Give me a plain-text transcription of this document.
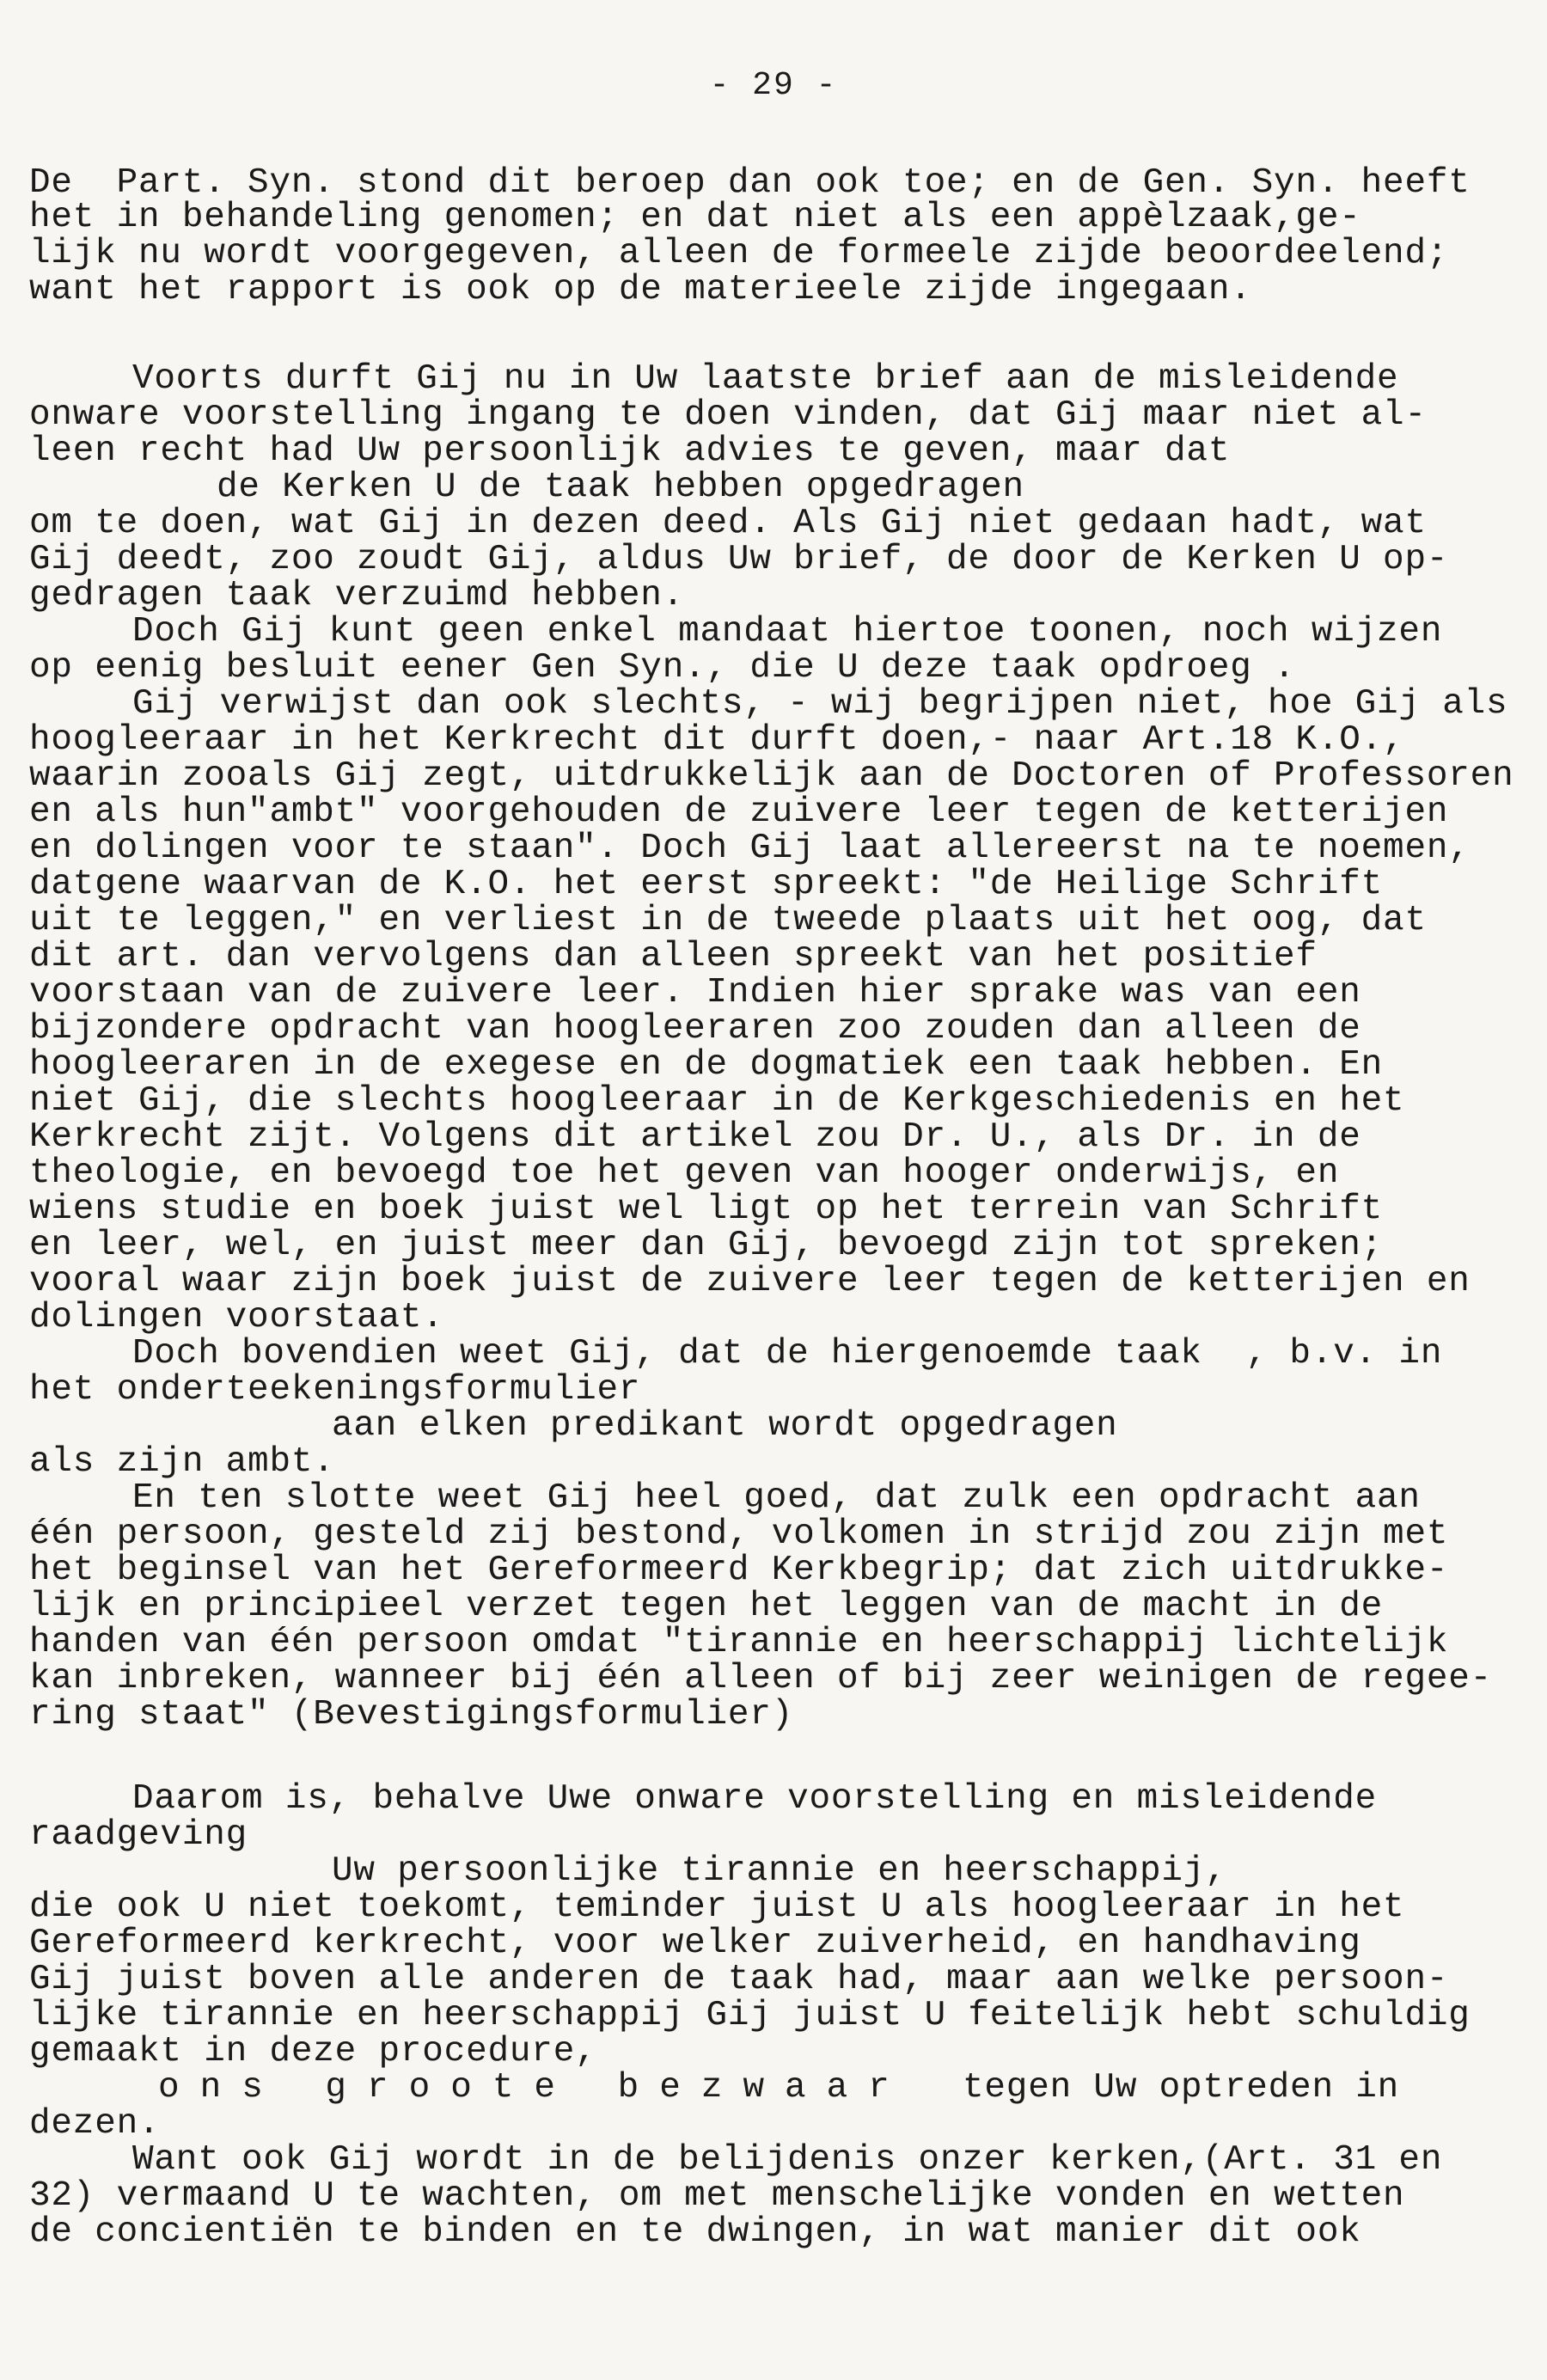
- 29 -
De  Part. Syn. stond dit beroep dan ook toe; en de Gen. Syn. heeft
het in behandeling genomen; en dat niet als een appèlzaak,ge-
lijk nu wordt voorgegeven, alleen de formeele zijde beoordeelend;
want het rapport is ook op de materieele zijde ingegaan.
Voorts durft Gij nu in Uw laatste brief aan de misleidende
onware voorstelling ingang te doen vinden, dat Gij maar niet al-
leen recht had Uw persoonlijk advies te geven, maar dat
de Kerken U de taak hebben opgedragen
om te doen, wat Gij in dezen deed. Als Gij niet gedaan hadt, wat
Gij deedt, zoo zoudt Gij, aldus Uw brief, de door de Kerken U op-
gedragen taak verzuimd hebben.
Doch Gij kunt geen enkel mandaat hiertoe toonen, noch wijzen
op eenig besluit eener Gen Syn., die U deze taak opdroeg .
Gij verwijst dan ook slechts, - wij begrijpen niet, hoe Gij als
hoogleeraar in het Kerkrecht dit durft doen,- naar Art.18 K.O.,
waarin zooals Gij zegt, uitdrukkelijk aan de Doctoren of Professoren
en als hun"ambt" voorgehouden de zuivere leer tegen de ketterijen
en dolingen voor te staan". Doch Gij laat allereerst na te noemen,
datgene waarvan de K.O. het eerst spreekt: "de Heilige Schrift
uit te leggen," en verliest in de tweede plaats uit het oog, dat
dit art. dan vervolgens dan alleen spreekt van het positief
voorstaan van de zuivere leer. Indien hier sprake was van een
bijzondere opdracht van hoogleeraren zoo zouden dan alleen de
hoogleeraren in de exegese en de dogmatiek een taak hebben. En
niet Gij, die slechts hoogleeraar in de Kerkgeschiedenis en het
Kerkrecht zijt. Volgens dit artikel zou Dr. U., als Dr. in de
theologie, en bevoegd toe het geven van hooger onderwijs, en
wiens studie en boek juist wel ligt op het terrein van Schrift
en leer, wel, en juist meer dan Gij, bevoegd zijn tot spreken;
vooral waar zijn boek juist de zuivere leer tegen de ketterijen en
dolingen voorstaat.
Doch bovendien weet Gij, dat de hiergenoemde taak  , b.v. in
het onderteekeningsformulier
aan elken predikant wordt opgedragen
als zijn ambt.
En ten slotte weet Gij heel goed, dat zulk een opdracht aan
één persoon, gesteld zij bestond, volkomen in strijd zou zijn met
het beginsel van het Gereformeerd Kerkbegrip; dat zich uitdrukke-
lijk en principieel verzet tegen het leggen van de macht in de
handen van één persoon omdat "tirannie en heerschappij lichtelijk
kan inbreken, wanneer bij één alleen of bij zeer weinigen de regee-
ring staat" (Bevestigingsformulier)
Daarom is, behalve Uwe onware voorstelling en misleidende
raadgeving
Uw persoonlijke tirannie en heerschappij,
die ook U niet toekomt, teminder juist U als hoogleeraar in het
Gereformeerd kerkrecht, voor welker zuiverheid, en handhaving
Gij juist boven alle anderen de taak had, maar aan welke persoon-
lijke tirannie en heerschappij Gij juist U feitelijk hebt schuldig
gemaakt in deze procedure,
ons groote bezwaar tegen Uw optreden in
dezen.
Want ook Gij wordt in de belijdenis onzer kerken,(Art. 31 en
32) vermaand U te wachten, om met menschelijke vonden en wetten
de concientiën te binden en te dwingen, in wat manier dit ook
